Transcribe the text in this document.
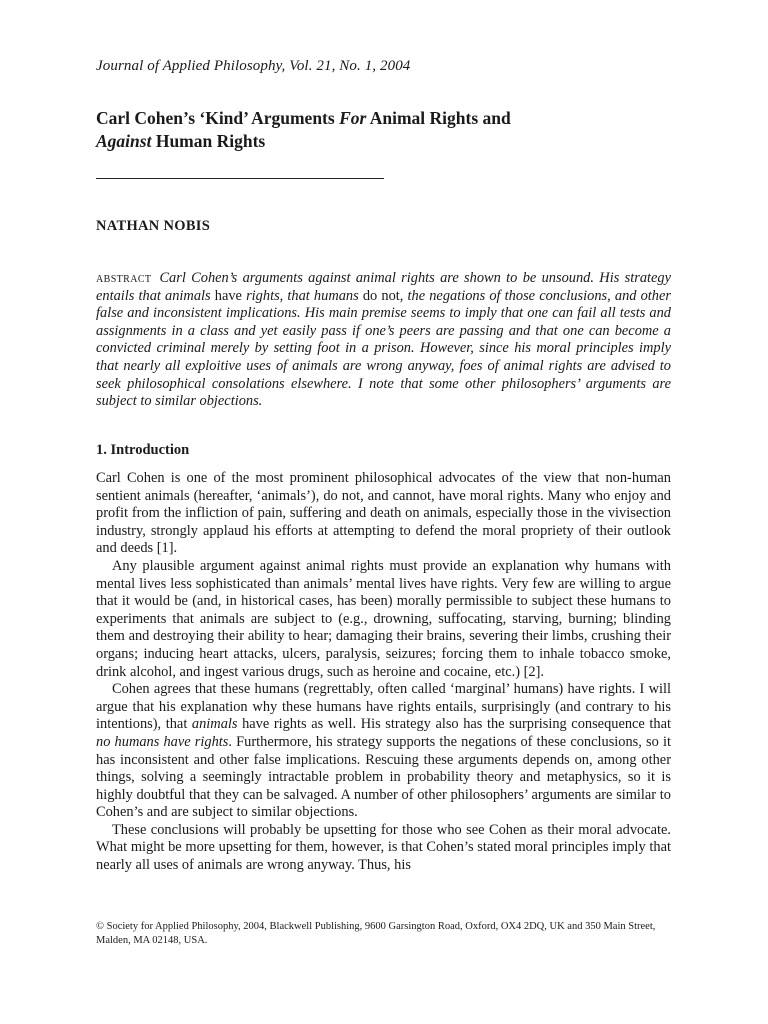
Journal of Applied Philosophy, Vol. 21, No. 1, 2004
Carl Cohen’s ‘Kind’ Arguments For Animal Rights and
Against Human Rights
NATHAN NOBIS
abstract Carl Cohen’s arguments against animal rights are shown to be unsound. His strategy entails that animals have rights, that humans do not, the negations of those conclusions, and other false and inconsistent implications. His main premise seems to imply that one can fail all tests and assignments in a class and yet easily pass if one’s peers are passing and that one can become a convicted criminal merely by setting foot in a prison. However, since his moral principles imply that nearly all exploitive uses of animals are wrong anyway, foes of animal rights are advised to seek philosophical consolations elsewhere. I note that some other philosophers’ arguments are subject to similar objections.
1. Introduction

Carl Cohen is one of the most prominent philosophical advocates of the view that non-human sentient animals (hereafter, ‘animals’), do not, and cannot, have moral rights. Many who enjoy and profit from the infliction of pain, suffering and death on animals, especially those in the vivisection industry, strongly applaud his efforts at attempting to defend the moral propriety of their outlook and deeds [1].

Any plausible argument against animal rights must provide an explanation why humans with mental lives less sophisticated than animals’ mental lives have rights. Very few are willing to argue that it would be (and, in historical cases, has been) morally permissible to subject these humans to experiments that animals are subject to (e.g., drowning, suffocating, starving, burning; blinding them and destroying their ability to hear; damaging their brains, severing their limbs, crushing their organs; inducing heart attacks, ulcers, paralysis, seizures; forcing them to inhale tobacco smoke, drink alcohol, and ingest various drugs, such as heroine and cocaine, etc.) [2].

Cohen agrees that these humans (regrettably, often called ‘marginal’ humans) have rights. I will argue that his explanation why these humans have rights entails, surprisingly (and contrary to his intentions), that animals have rights as well. His strategy also has the surprising consequence that no humans have rights. Furthermore, his strategy supports the negations of these conclusions, so it has inconsistent and other false implications. Rescuing these arguments depends on, among other things, solving a seemingly intractable problem in probability theory and metaphysics, so it is highly doubtful that they can be salvaged. A number of other philosophers’ arguments are similar to Cohen’s and are subject to similar objections.

These conclusions will probably be upsetting for those who see Cohen as their moral advocate. What might be more upsetting for them, however, is that Cohen’s stated moral principles imply that nearly all uses of animals are wrong anyway. Thus, his

© Society for Applied Philosophy, 2004, Blackwell Publishing, 9600 Garsington Road, Oxford, OX4 2DQ, UK and 350 Main Street, Malden, MA 02148, USA.
